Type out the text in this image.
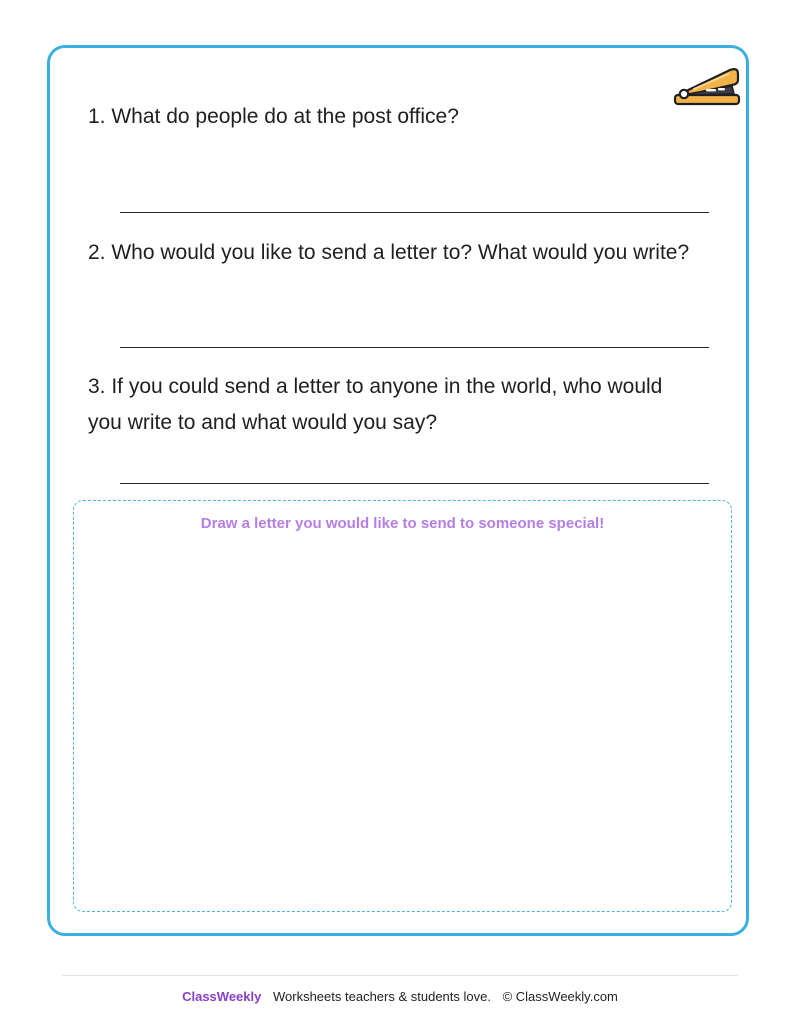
1. What do people do at the post office?

2. Who would you like to send a letter to? What would you write?

3. If you could send a letter to anyone in the world, who would you write to and what would you say?

Draw a letter you would like to send to someone special!
ClassWeekly Worksheets teachers & students love. © ClassWeekly.com
